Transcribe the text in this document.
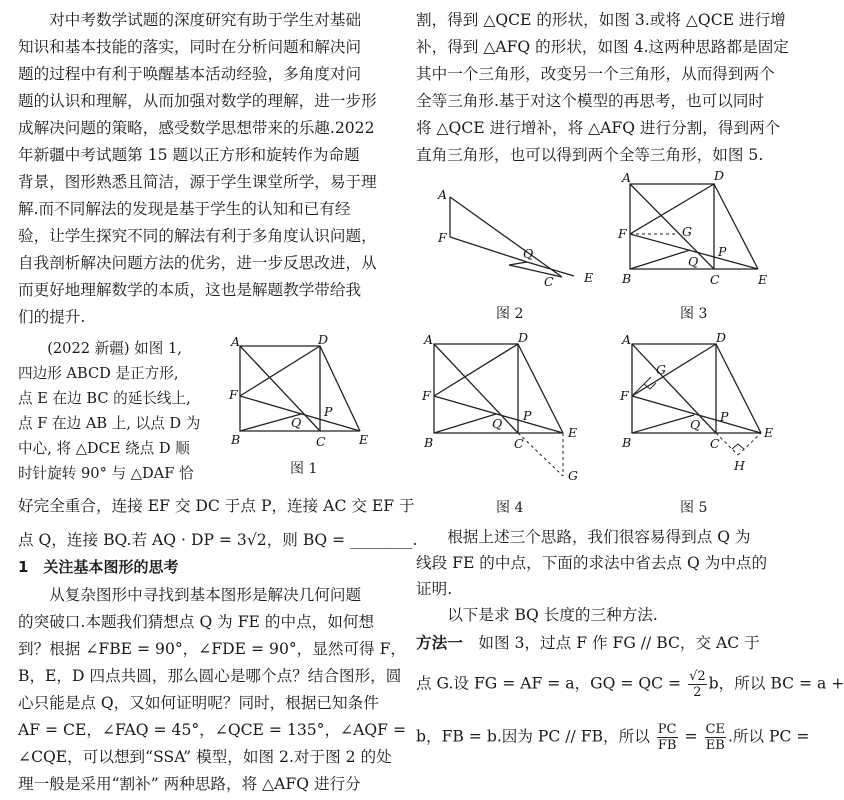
　　对中考数学试题的深度研究有助于学生对基础
知识和基本技能的落实，同时在分析问题和解决问
题的过程中有利于唤醒基本活动经验，多角度对问
题的认识和理解，从而加强对数学的理解，进一步形
成解决问题的策略，感受数学思想带来的乐趣.2022
年新疆中考试题第 15 题以正方形和旋转作为命题
背景，图形熟悉且简洁，源于学生课堂所学，易于理
解.而不同解法的发现是基于学生的认知和已有经
验，让学生探究不同的解法有利于多角度认识问题，
自我剖析解决问题方法的优劣，进一步反思改进，从
而更好地理解数学的本质，这也是解题教学带给我
们的提升.
　　(2022 新疆) 如图 1,
四边形 ABCD 是正方形,
点 E 在边 BC 的延长线上,
点 F 在边 AB 上, 以点 D 为
中心, 将 △DCE 绕点 D 顺
时针旋转 90° 与 △DAF 恰
A	D
F
B	C	E
Q
P
图 1
好完全重合，连接 EF 交 DC 于点 P，连接 AC 交 EF 于
点 Q，连接 BQ.若 AQ · DP = 3√2，则 BQ = ________.
1　关注基本图形的思考
　　从复杂图形中寻找到基本图形是解决几何问题
的突破口.本题我们猜想点 Q 为 FE 的中点，如何想
到？根据 ∠FBE = 90°，∠FDE = 90°，显然可得 F，
B，E，D 四点共圆，那么圆心是哪个点？结合图形，圆
心只能是点 Q，又如何证明呢？同时，根据已知条件
AF = CE，∠FAQ = 45°，∠QCE = 135°，∠AQF =
∠CQE，可以想到“SSA” 模型，如图 2.对于图 2 的处
理一般是采用“割补” 两种思路，将 △AFQ 进行分
割，得到 △QCE 的形状，如图 3.或将 △QCE 进行增
补，得到 △AFQ 的形状，如图 4.这两种思路都是固定
其中一个三角形，改变另一个三角形，从而得到两个
全等三角形.基于对这个模型的再思考，也可以同时
将 △QCE 进行增补，将 △AFQ 进行分割，得到两个
直角三角形，也可以得到两个全等三角形，如图 5.
A
F
Q
C E
图 2
A	D
F	G
Q
P
B	C	E
图 3
A	D
F
Q
P
B	C
E
G
图 4
A	D
F
G
Q
P
B	C
E
H
图 5
　　根据上述三个思路，我们很容易得到点 Q 为
线段 FE 的中点，下面的求法中省去点 Q 为中点的
证明.
　　以下是求 BQ 长度的三种方法.
方法一　如图 3，过点 F 作 FG // BC，交 AC 于
点 G.设 FG = AF = a，GQ = QC = $\frac{√2}{2}$ b，所以 BC = a +
b，FB = b.因为 PC // FB，所以 $\frac{PC}{FB} = \frac{CE}{EB}$ .所以 PC =
